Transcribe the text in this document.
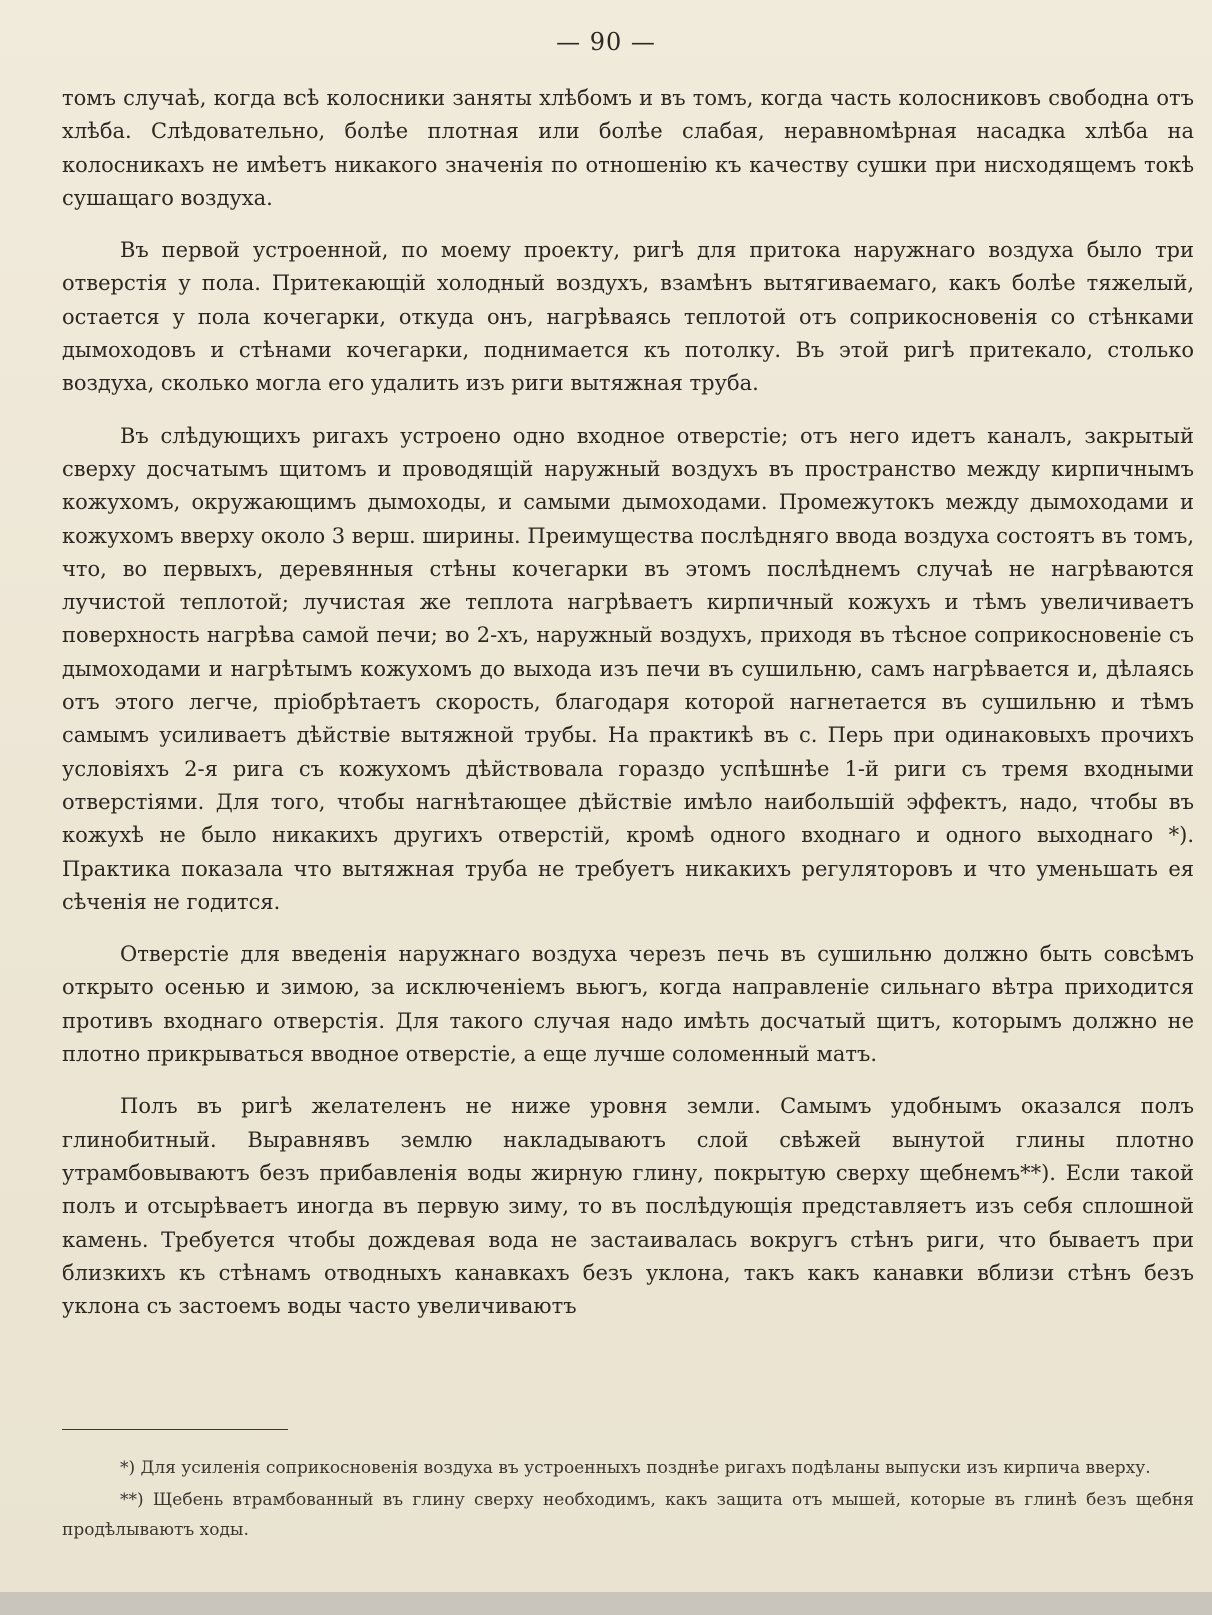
— 90 —

томъ случаѣ, когда всѣ колосники заняты хлѣбомъ и въ томъ, когда часть колосниковъ свободна отъ хлѣба. Слѣдовательно, болѣе плотная или болѣе слабая, неравномѣрная насадка хлѣба на колосникахъ не имѣетъ никакого значенія по отношенію къ качеству сушки при нисходящемъ токѣ сушащаго воздуха.

Въ первой устроенной, по моему проекту, ригѣ для притока наружнаго воздуха было три отверстія у пола. Притекающій холодный воздухъ, взамѣнъ вытягиваемаго, какъ болѣе тяжелый, остается у пола кочегарки, откуда онъ, нагрѣваясь теплотой отъ соприкосновенія со стѣнками дымоходовъ и стѣнами кочегарки, поднимается къ потолку. Въ этой ригѣ притекало, столько воздуха, сколько могла его удалить изъ риги вытяжная труба.

Въ слѣдующихъ ригахъ устроено одно входное отверстіе; отъ него идетъ каналъ, закрытый сверху досчатымъ щитомъ и проводящій наружный воздухъ въ пространство между кирпичнымъ кожухомъ, окружающимъ дымоходы, и самыми дымоходами. Промежутокъ между дымоходами и кожухомъ вверху около 3 верш. ширины. Преимущества послѣдняго ввода воздуха состоятъ въ томъ, что, во первыхъ, деревянныя стѣны кочегарки въ этомъ послѣднемъ случаѣ не нагрѣваются лучистой теплотой; лучистая же теплота нагрѣваетъ кирпичный кожухъ и тѣмъ увеличиваетъ поверхность нагрѣва самой печи; во 2-хъ, наружный воздухъ, приходя въ тѣсное соприкосновеніе съ дымоходами и нагрѣтымъ кожухомъ до выхода изъ печи въ сушильню, самъ нагрѣвается и, дѣлаясь отъ этого легче, пріобрѣтаетъ скорость, благодаря которой нагнетается въ сушильню и тѣмъ самымъ усиливаетъ дѣйствіе вытяжной трубы. На практикѣ въ с. Перь при одинаковыхъ прочихъ условіяхъ 2-я рига съ кожухомъ дѣйствовала гораздо успѣшнѣе 1-й риги съ тремя входными отверстіями. Для того, чтобы нагнѣтающее дѣйствіе имѣло наибольшій эффектъ, надо, чтобы въ кожухѣ не было никакихъ другихъ отверстій, кромѣ одного входнаго и одного выходнаго *). Практика показала что вытяжная труба не требуетъ никакихъ регуляторовъ и что уменьшать ея сѣченія не годится.

Отверстіе для введенія наружнаго воздуха черезъ печь въ сушильню должно быть совсѣмъ открыто осенью и зимою, за исключеніемъ вьюгъ, когда направленіе сильнаго вѣтра приходится противъ входнаго отверстія. Для такого случая надо имѣть досчатый щитъ, которымъ должно не плотно прикрываться вводное отверстіе, а еще лучше соломенный матъ.

Полъ въ ригѣ желателенъ не ниже уровня земли. Самымъ удобнымъ оказался полъ глинобитный. Выравнявъ землю накладываютъ слой свѣжей вынутой глины плотно утрамбовываютъ безъ прибавленія воды жирную глину, покрытую сверху щебнемъ**). Если такой полъ и отсырѣваетъ иногда въ первую зиму, то въ послѣдующія представляетъ изъ себя сплошной камень. Требуется чтобы дождевая вода не застаивалась вокругъ стѣнъ риги, что бываетъ при близкихъ къ стѣнамъ отводныхъ канавкахъ безъ уклона, такъ какъ канавки вблизи стѣнъ безъ уклона съ застоемъ воды часто увеличиваютъ

*) Для усиленія соприкосновенія воздуха въ устроенныхъ позднѣе ригахъ подѣланы выпуски изъ кирпича вверху.

**) Щебень втрамбованный въ глину сверху необходимъ, какъ защита отъ мышей, которые въ глинѣ безъ щебня продѣлываютъ ходы.
